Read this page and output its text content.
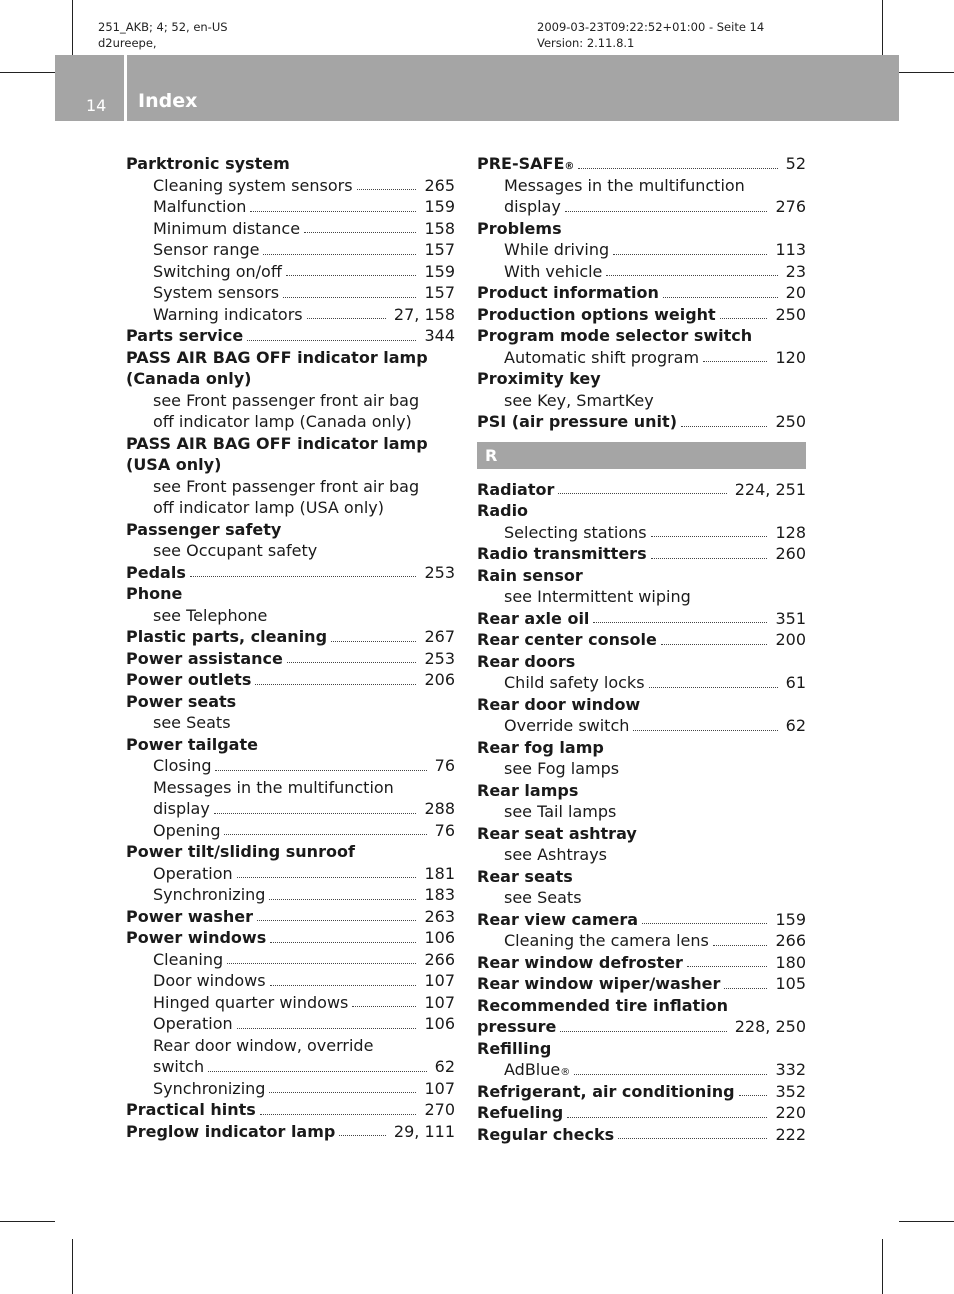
251_AKB; 4; 52, en-US
d2ureepe,
2009-03-23T09:22:52+01:00 - Seite 14
Version: 2.11.8.1
14 Index
Parktronic system
Cleaning system sensors	265
Malfunction	159
Minimum distance	158
Sensor range	157
Switching on/off	159
System sensors	157
Warning indicators	27, 158
Parts service	344
PASS AIR BAG OFF indicator lamp
(Canada only)
see Front passenger front air bag
off indicator lamp (Canada only)
PASS AIR BAG OFF indicator lamp
(USA only)
see Front passenger front air bag
off indicator lamp (USA only)
Passenger safety
see Occupant safety
Pedals	253
Phone
see Telephone
Plastic parts, cleaning	267
Power assistance	253
Power outlets	206
Power seats
see Seats
Power tailgate
Closing	76
Messages in the multifunction
display	288
Opening	76
Power tilt/sliding sunroof
Operation	181
Synchronizing	183
Power washer	263
Power windows	106
Cleaning	266
Door windows	107
Hinged quarter windows	107
Operation	106
Rear door window, override
switch	62
Synchronizing	107
Practical hints	270
Preglow indicator lamp	29, 111
PRE-SAFE ®	52
Messages in the multifunction
display	276
Problems
While driving	113
With vehicle	23
Product information	20
Production options weight	250
Program mode selector switch
Automatic shift program	120
Proximity key
see Key, SmartKey
PSI (air pressure unit)	250
R
Radiator	224, 251
Radio
Selecting stations	128
Radio transmitters	260
Rain sensor
see Intermittent wiping
Rear axle oil	351
Rear center console	200
Rear doors
Child safety locks	61
Rear door window
Override switch	62
Rear fog lamp
see Fog lamps
Rear lamps
see Tail lamps
Rear seat ashtray
see Ashtrays
Rear seats
see Seats
Rear view camera	159
Cleaning the camera lens	266
Rear window defroster	180
Rear window wiper/washer	105
Recommended tire inflation
pressure	228, 250
Refilling
AdBlue ®	332
Refrigerant, air conditioning	352
Refueling	220
Regular checks	222
